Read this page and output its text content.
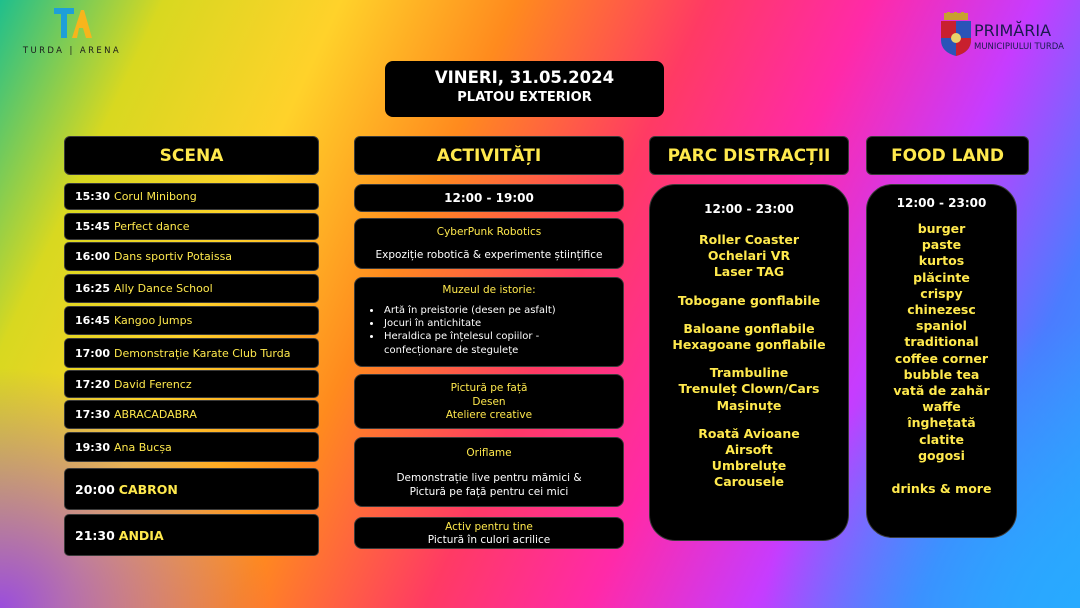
TURDA | ARENA
PRIMĂRIA
MUNICIPIULUI TURDA
VINERI, 31.05.2024
PLATOU EXTERIOR
SCENA	ACTIVITĂȚI	PARC DISTRACȚII	FOOD LAND
15:30 Corul Minibong
15:45 Perfect dance
16:00 Dans sportiv Potaissa
16:25 Ally Dance School
16:45 Kangoo Jumps
17:00 Demonstrație Karate Club Turda
17:20 David Ferencz
17:30 ABRACADABRA
19:30 Ana Bucșa
20:00 CABRON
21:30 ANDIA
12:00 - 19:00
CyberPunk Robotics
Expoziție robotică & experimente științifice
Muzeul de istorie:
• Artă în preistorie (desen pe asfalt)
• Jocuri în antichitate
• Heraldica pe înțelesul copiilor -
confecționare de steguleţe
Pictură pe față
Desen
Ateliere creative
Oriflame
Demonstrație live pentru mămici &
Pictură pe față pentru cei mici
Activ pentru tine
Pictură în culori acrilice
12:00 - 23:00
Roller Coaster
Ochelari VR
Laser TAG
Tobogane gonflabile
Baloane gonflabile
Hexagoane gonflabile
Trambuline
Trenuleț Clown/Cars
Mașinuțe
Roată Avioane
Airsoft
Umbreluțe
Carousele
12:00 - 23:00
burger
paste
kurtos
plăcinte
crispy
chinezesc
spaniol
traditional
coffee corner
bubble tea
vată de zahăr
waffe
înghețată
clatite
gogosi
drinks & more
